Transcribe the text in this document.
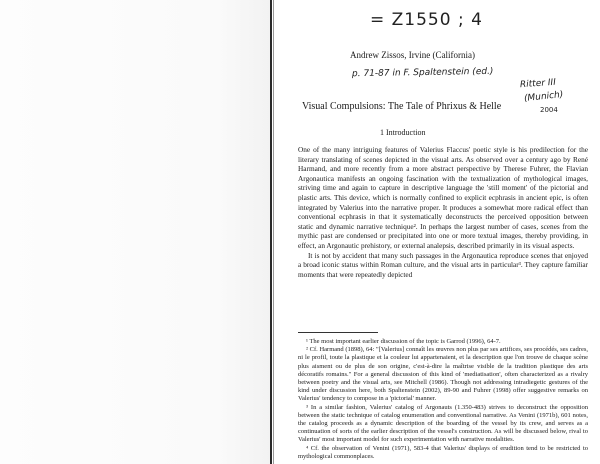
= Z1550 ; 4
Andrew Zissos, Irvine (California)
р. 71-87 in F. Spaltenstein (ed.)
Ritter III
(Munich)
2004
Visual Compulsions: The Tale of Phrixus & Helle
1 Introduction

One of the many intriguing features of Valerius Flaccus' poetic style is his predilection for the literary translating of scenes depicted in the visual arts. As observed over a century ago by René Harmand, and more recently from a more abstract perspective by Therese Fuhrer, the Flavian Argonautica manifests an ongoing fascination with the textualization of mythological images, striving time and again to capture in descriptive language the 'still moment' of the pictorial and plastic arts. This device, which is normally confined to explicit ecphrasis in ancient epic, is often integrated by Valerius into the narrative proper. It produces a somewhat more radical effect than conventional ecphrasis in that it systematically deconstructs the perceived opposition between static and dynamic narrative technique². In perhaps the largest number of cases, scenes from the mythic past are condensed or precipitated into one or more textual images, thereby providing, in effect, an Argonautic prehistory, or external analepsis, described primarily in its visual aspects.

It is not by accident that many such passages in the Argonautica reproduce scenes that enjoyed a broad iconic status within Roman culture, and the visual arts in particular³. They capture familiar moments that were repeatedly depicted

¹ The most important earlier discussion of the topic is Garrod (1996), 64-7.

² Cf. Harmand (1898), 64: "[Valerius] connaît les œuvres non plus par ses artifices, ses procédés, ses cadres, ni le profil, toute la plastique et la couleur lui appartenaient, et la description que l'on trouve de chaque scène plus aisment ou de plus de son origine, c'est-à-dire la maîtrise visible de la tradition plastique des arts décoratifs romains." For a general discussion of this kind of 'mediatisation', often characterized as a rivalry between poetry and the visual arts, see Mitchell (1986). Though not addressing intradiegetic gestures of the kind under discussion here, both Spaltenstein (2002), 89-90 and Fuhrer (1998) offer suggestive remarks on Valerius' tendency to compose in a 'pictorial' manner.

³ In a similar fashion, Valerius' catalog of Argonauts (1.350-483) strives to deconstruct the opposition between the static technique of catalog enumeration and conventional narrative. As Venini (1971b), 601 notes, the catalog proceeds as a dynamic description of the boarding of the vessel by its crew, and serves as a continuation of sorts of the earlier description of the vessel's construction. As will be discussed below, rival to Valerius' most important model for such experimentation with narrative modalities.

⁴ Cf. the observation of Venini (1971), 583-4 that Valerius' displays of erudition tend to be restricted to mythological commonplaces.
